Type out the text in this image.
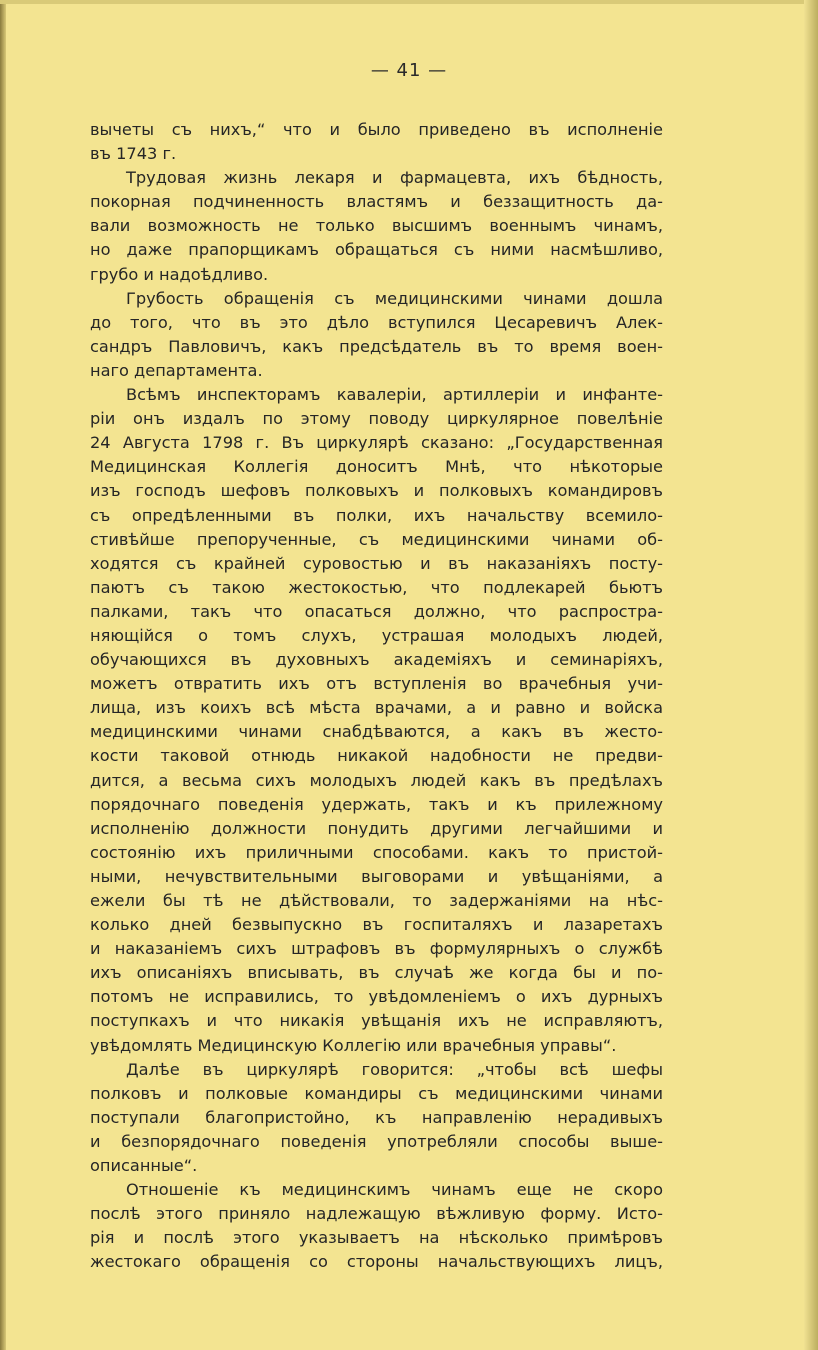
— 41 —
вычеты съ нихъ,“ что и было приведено въ исполненіе
въ 1743 г.
Трудовая жизнь лекаря и фармацевта, ихъ бѣдность,
покорная подчиненность властямъ и беззащитность да-
вали возможность не только высшимъ военнымъ чинамъ,
но даже прапорщикамъ обращаться съ ними насмѣшливо,
грубо и надоѣдливо.
Грубость обращенія съ медицинскими чинами дошла
до того, что въ это дѣло вступился Цесаревичъ Алек-
сандръ Павловичъ, какъ предсѣдатель въ то время воен-
наго департамента.
Всѣмъ инспекторамъ кавалеріи, артиллеріи и инфанте-
ріи онъ издалъ по этому поводу циркулярное повелѣніе
24 Августа 1798 г. Въ циркулярѣ сказано: „Государственная
Медицинская Коллегія доноситъ Мнѣ, что нѣкоторые
изъ господъ шефовъ полковыхъ и полковыхъ командировъ
съ опредѣленными въ полки, ихъ начальству всемило-
стивѣйше препорученные, съ медицинскими чинами об-
ходятся съ крайней суровостью и въ наказаніяхъ посту-
паютъ съ такою жестокостью, что подлекарей бьютъ
палками, такъ что опасаться должно, что распростра-
няющійся о томъ слухъ, устрашая молодыхъ людей,
обучающихся въ духовныхъ академіяхъ и семинаріяхъ,
можетъ отвратить ихъ отъ вступленія во врачебныя учи-
лища, изъ коихъ всѣ мѣста врачами, а и равно и войска
медицинскими чинами снабдѣваются, а какъ въ жесто-
кости таковой отнюдь никакой надобности не предви-
дится, а весьма сихъ молодыхъ людей какъ въ предѣлахъ
порядочнаго поведенія удержать, такъ и къ прилежному
исполненію должности понудить другими легчайшими и
состоянію ихъ приличными способами. какъ то пристой-
ными, нечувствительными выговорами и увѣщаніями, а
ежели бы тѣ не дѣйствовали, то задержаніями на нѣс-
колько дней безвыпускно въ госпиталяхъ и лазаретахъ
и наказаніемъ сихъ штрафовъ въ формулярныхъ о службѣ
ихъ описаніяхъ вписывать, въ случаѣ же когда бы и по-
потомъ не исправились, то увѣдомленіемъ о ихъ дурныхъ
поступкахъ и что никакія увѣщанія ихъ не исправляютъ,
увѣдомлять Медицинскую Коллегію или врачебныя управы“.
Далѣе въ циркулярѣ говорится: „чтобы всѣ шефы
полковъ и полковые командиры съ медицинскими чинами
поступали благопристойно, къ направленію нерадивыхъ
и безпорядочнаго поведенія употребляли способы выше-
описанные“.
Отношеніе къ медицинскимъ чинамъ еще не скоро
послѣ этого приняло надлежащую вѣжливую форму. Исто-
рія и послѣ этого указываетъ на нѣсколько примѣровъ
жестокаго обращенія со стороны начальствующихъ лицъ,
